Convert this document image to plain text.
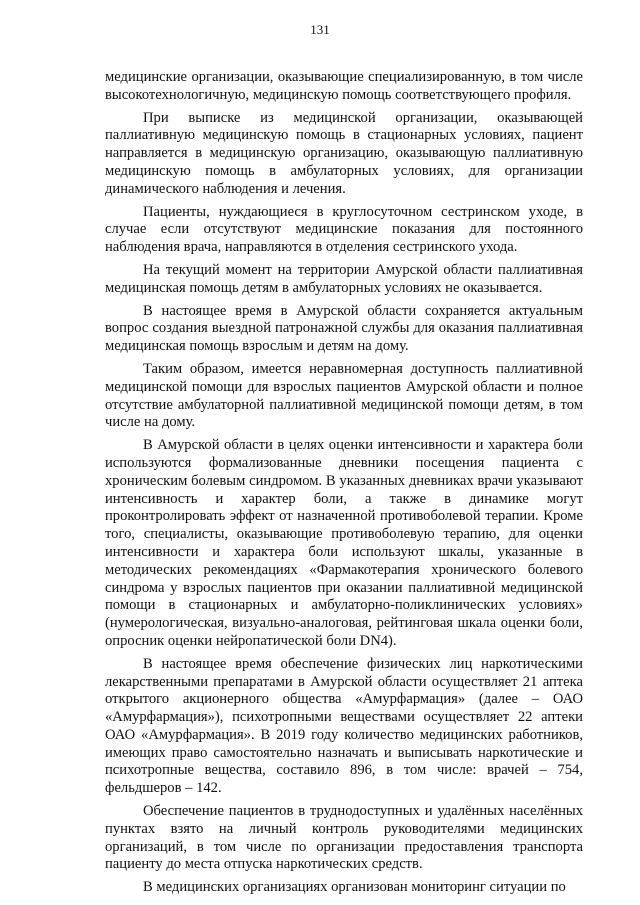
131

медицинские организации, оказывающие специализированную, в том числе высокотехнологичную, медицинскую помощь соответствующего профиля.

При выписке из медицинской организации, оказывающей паллиативную медицинскую помощь в стационарных условиях, пациент направляется в медицинскую организацию, оказывающую паллиативную медицинскую помощь в амбулаторных условиях, для организации динамического наблюдения и лечения.

Пациенты, нуждающиеся в круглосуточном сестринском уходе, в случае если отсутствуют медицинские показания для постоянного наблюдения врача, направляются в отделения сестринского ухода.

На текущий момент на территории Амурской области паллиативная медицинская помощь детям в амбулаторных условиях не оказывается.

В настоящее время в Амурской области сохраняется актуальным вопрос создания выездной патронажной службы для оказания паллиативная медицинская помощь взрослым и детям на дому.

Таким образом, имеется неравномерная доступность паллиативной медицинской помощи для взрослых пациентов Амурской области и полное отсутствие амбулаторной паллиативной медицинской помощи детям, в том числе на дому.

В Амурской области в целях оценки интенсивности и характера боли используются формализованные дневники посещения пациента с хроническим болевым синдромом. В указанных дневниках врачи указывают интенсивность и характер боли, а также в динамике могут проконтролировать эффект от назначенной противоболевой терапии. Кроме того, специалисты, оказывающие противоболевую терапию, для оценки интенсивности и характера боли используют шкалы, указанные в методических рекомендациях «Фармакотерапия хронического болевого синдрома у взрослых пациентов при оказании паллиативной медицинской помощи в стационарных и амбулаторно-поликлинических условиях» (нумерологическая, визуально-аналоговая, рейтинговая шкала оценки боли, опросник оценки нейропатической боли DN4).

В настоящее время обеспечение физических лиц наркотическими лекарственными препаратами в Амурской области осуществляет 21 аптека открытого акционерного общества «Амурфармация» (далее – ОАО «Амурфармация»), психотропными веществами осуществляет 22 аптеки ОАО «Амурфармация». В 2019 году количество медицинских работников, имеющих право самостоятельно назначать и выписывать наркотические и психотропные вещества, составило 896, в том числе: врачей – 754, фельдшеров – 142.

Обеспечение пациентов в труднодоступных и удалённых населённых пунктах взято на личный контроль руководителями медицинских организаций, в том числе по организации предоставления транспорта пациенту до места отпуска наркотических средств.

В медицинских организациях организован мониторинг ситуации по
